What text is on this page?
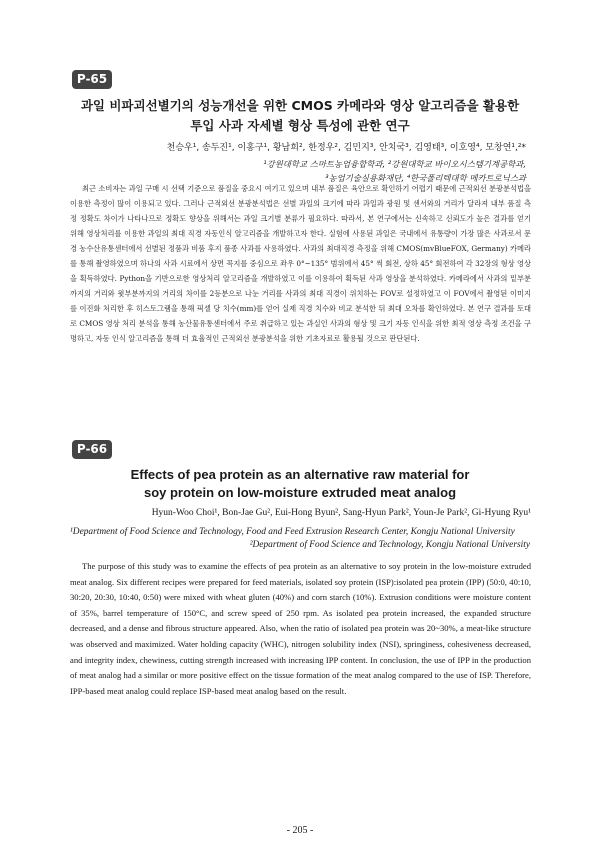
P-65
과일 비파괴선별기의 성능개선을 위한 CMOS 카메라와 영상 알고리즘을 활용한
투입 사과 자세별 형상 특성에 관한 연구
천승우¹, 송두진¹, 이홍구¹, 황남희², 한정우², 김민지³, 안치국³, 김영태³, 이호영⁴, 모창연¹,²*
¹강원대학교 스마트농업융합학과, ²강원대학교 바이오시스템기계공학과,
³농업기술실용화재단, ⁴한국폴리텍대학 메카트로닉스과

최근 소비자는 과일 구매 시 선택 기준으로 품질을 중요시 여기고 있으며 내부 품질은 육안으로 확인하기 어렵기 때문에 근적외선 분광분석법을 이용한 측정이 많이 이용되고 있다. 그러나 근적외선 분광분석법은 선별 과일의 크기에 따라 과일과 광원 및 센서와의 거리가 달라져 내부 품질 측정 정확도 차이가 나타나므로 정확도 향상을 위해서는 과일 크기별 분류가 필요하다. 따라서, 본 연구에서는 신속하고 신뢰도가 높은 결과를 얻기 위해 영상처리를 이용한 과일의 최대 직경 자동인식 알고리즘을 개발하고자 한다. 실험에 사용된 과일은 국내에서 유통량이 가장 많은 사과로서 문경 농수산유통센터에서 선별된 정품과 비품 후지 품종 사과를 사용하였다. 사과의 최대직경 측정을 위해 CMOS(mvBlueFOX, Germany) 카메라를 통해 촬영하였으며 하나의 사과 시료에서 상면 꼭지를 중심으로 좌우 0°~135° 범위에서 45° 씩 회전, 상하 45° 회전하여 각 32장의 형상 영상을 획득하였다. Python을 기반으로한 영상처리 알고리즘을 개발하였고 이를 이용하여 획득된 사과 영상을 분석하였다. 카메라에서 사과의 밑부분까지의 거리와 윗부분까지의 거리의 차이를 2등분으로 나눈 거리를 사과의 최대 직경이 위치하는 FOV로 설정하였고 이 FOV에서 촬영된 이미지를 이진화 처리한 후 히스토그램을 통해 픽셀 당 치수(mm)를 얻어 실제 직경 치수와 비교 분석한 뒤 최대 오차를 확인하였다. 본 연구 결과를 토대로 CMOS 영상 처리 분석을 통해 농산물유통센터에서 주로 취급하고 있는 과실인 사과의 형상 및 크기 자동 인식을 위한 최적 영상 측정 조건을 구명하고, 자동 인식 알고리즘을 통해 더 효율적인 근적외선 분광분석을 위한 기초자료로 활용될 것으로 판단된다.

P-66
Effects of pea protein as an alternative raw material for
soy protein on low-moisture extruded meat analog
Hyun-Woo Choi¹, Bon-Jae Gu², Eui-Hong Byun², Sang-Hyun Park², Youn-Je Park², Gi-Hyung Ryu¹
¹Department of Food Science and Technology, Food and Feed Extrusion Research Center, Kongju National University
²Department of Food Science and Technology, Kongju National University

The purpose of this study was to examine the effects of pea protein as an alternative to soy protein in the low-moisture extruded meat analog. Six different recipes were prepared for feed materials, isolated soy protein (ISP):isolated pea protein (IPP) (50:0, 40:10, 30:20, 20:30, 10:40, 0:50) were mixed with wheat gluten (40%) and corn starch (10%). Extrusion conditions were moisture content of 35%, barrel temperature of 150°C, and screw speed of 250 rpm. As isolated pea protein increased, the expanded structure decreased, and a dense and fibrous structure appeared. Also, when the ratio of isolated pea protein was 20~30%, a meat-like structure was observed and maximized. Water holding capacity (WHC), nitrogen solubility index (NSI), springiness, cohesiveness decreased, and integrity index, chewiness, cutting strength increased with increasing IPP content. In conclusion, the use of IPP in the production of meat analog had a similar or more positive effect on the tissue formation of the meat analog compared to the use of ISP. Therefore, IPP-based meat analog could replace ISP-based meat analog based on the result.

- 205 -
